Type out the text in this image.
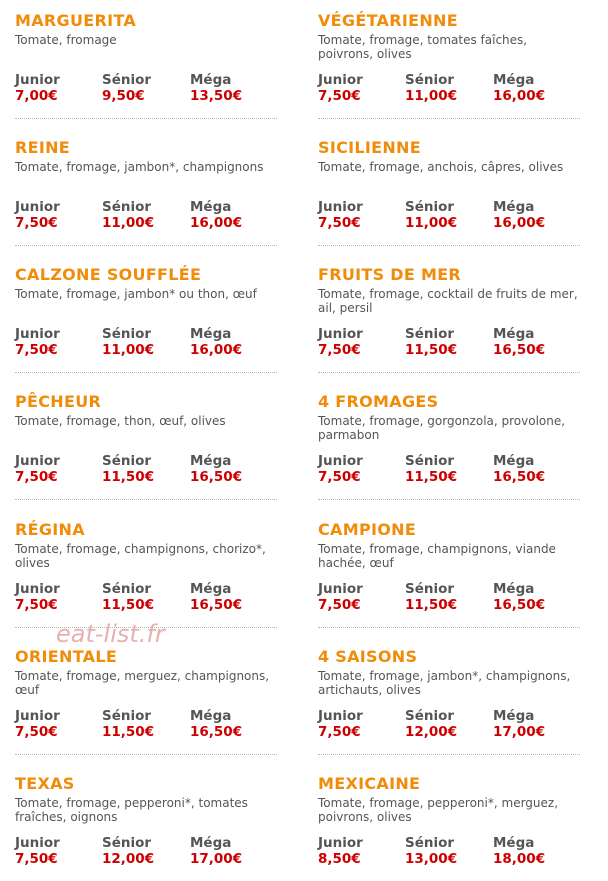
MARGUERITA
Tomate, fromage
Junior
7,00€
Sénior
9,50€
Méga
13,50€
VÉGÉTARIENNE
Tomate, fromage, tomates faîches, poivrons, olives
Junior
7,50€
Sénior
11,00€
Méga
16,00€
REINE
Tomate, fromage, jambon*, champignons
Junior
7,50€
Sénior
11,00€
Méga
16,00€
SICILIENNE
Tomate, fromage, anchois, câpres, olives
Junior
7,50€
Sénior
11,00€
Méga
16,00€
CALZONE SOUFFLÉE
Tomate, fromage, jambon* ou thon, œuf
Junior
7,50€
Sénior
11,00€
Méga
16,00€
FRUITS DE MER
Tomate, fromage, cocktail de fruits de mer, ail, persil
Junior
7,50€
Sénior
11,50€
Méga
16,50€
PÊCHEUR
Tomate, fromage, thon, œuf, olives
Junior
7,50€
Sénior
11,50€
Méga
16,50€
4 FROMAGES
Tomate, fromage, gorgonzola, provolone, parmabon
Junior
7,50€
Sénior
11,50€
Méga
16,50€
RÉGINA
Tomate, fromage, champignons, chorizo*, olives
Junior
7,50€
Sénior
11,50€
Méga
16,50€
CAMPIONE
Tomate, fromage, champignons, viande hachée, œuf
Junior
7,50€
Sénior
11,50€
Méga
16,50€
ORIENTALE
Tomate, fromage, merguez, champignons, œuf
Junior
7,50€
Sénior
11,50€
Méga
16,50€
4 SAISONS
Tomate, fromage, jambon*, champignons, artichauts, olives
Junior
7,50€
Sénior
12,00€
Méga
17,00€
TEXAS
Tomate, fromage, pepperoni*, tomates fraîches, oignons
Junior
7,50€
Sénior
12,00€
Méga
17,00€
MEXICAINE
Tomate, fromage, pepperoni*, merguez, poivrons, olives
Junior
8,50€
Sénior
13,00€
Méga
18,00€
eat-list.fr
